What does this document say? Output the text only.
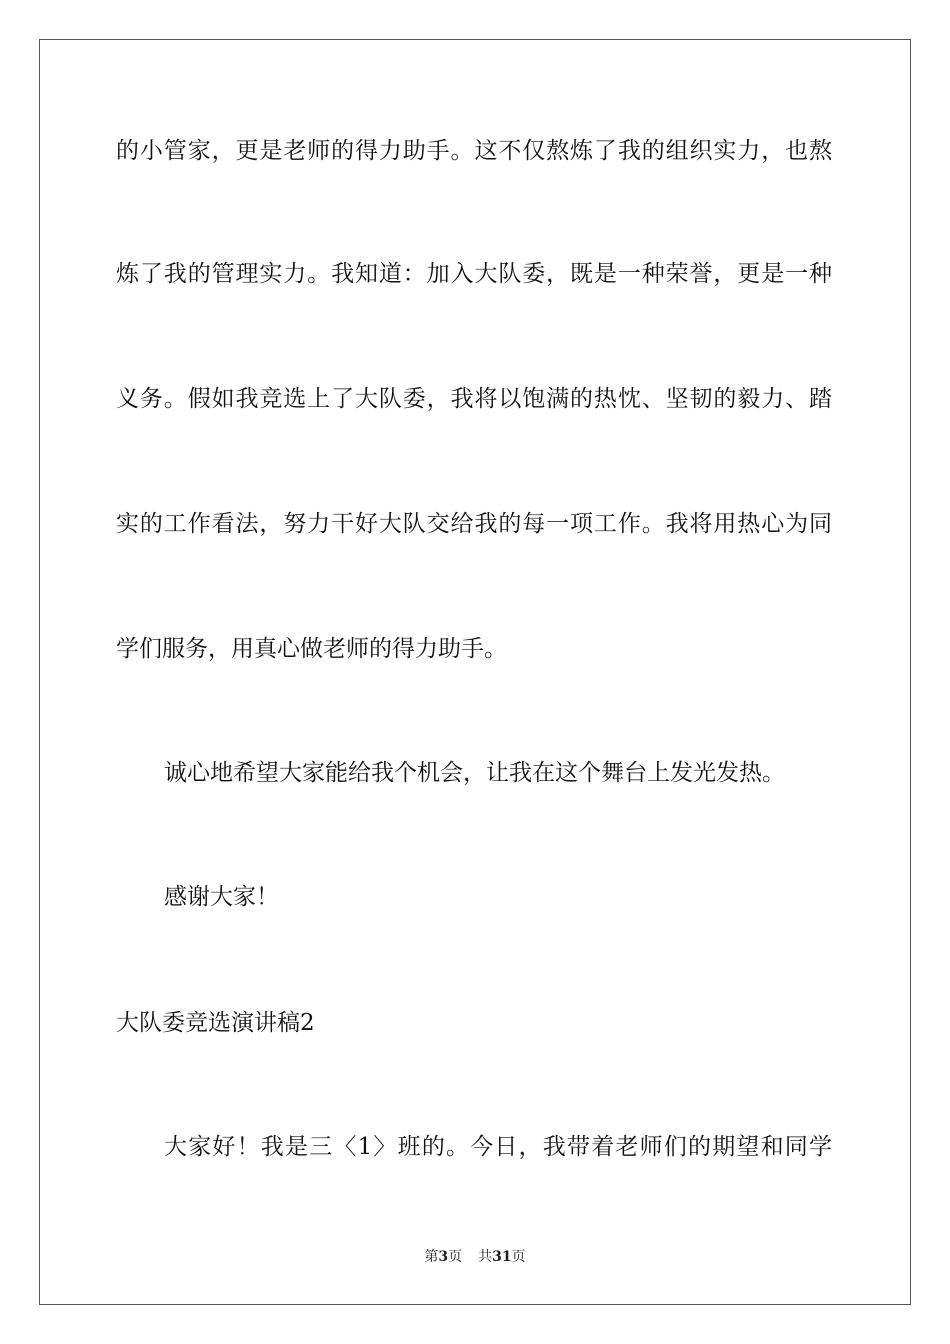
的小管家，更是老师的得力助手。这不仅熬炼了我的组织实力，也熬
炼了我的管理实力。我知道：加入大队委，既是一种荣誉，更是一种
义务。假如我竞选上了大队委，我将以饱满的热忱、坚韧的毅力、踏
实的工作看法，努力干好大队交给我的每一项工作。我将用热心为同
学们服务，用真心做老师的得力助手。
诚心地希望大家能给我个机会，让我在这个舞台上发光发热。
感谢大家！
大队委竞选演讲稿2
大家好！我是三〈1〉班的。今日，我带着老师们的期望和同学
第3页 共31页
